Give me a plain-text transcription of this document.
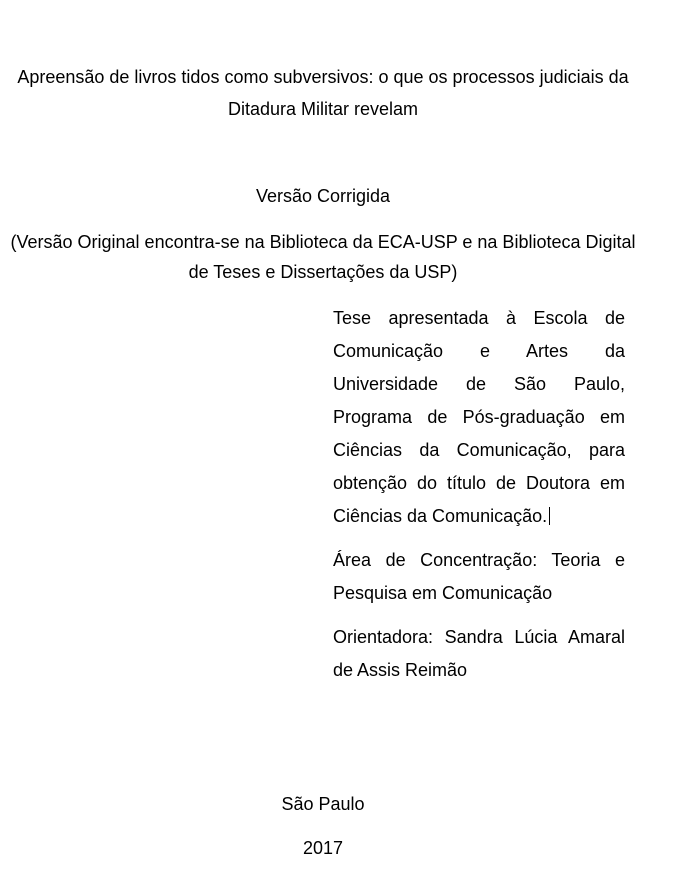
Apreensão de livros tidos como subversivos: o que os processos judiciais da Ditadura Militar revelam
Versão Corrigida
(Versão Original encontra-se na Biblioteca da ECA-USP e na Biblioteca Digital de Teses e Dissertações da USP)
Tese apresentada à Escola de Comunicação e Artes da Universidade de São Paulo, Programa de Pós-graduação em Ciências da Comunicação, para obtenção do título de Doutora em Ciências da Comunicação.
Área de Concentração: Teoria e Pesquisa em Comunicação
Orientadora: Sandra Lúcia Amaral de Assis Reimão
São Paulo
2017
